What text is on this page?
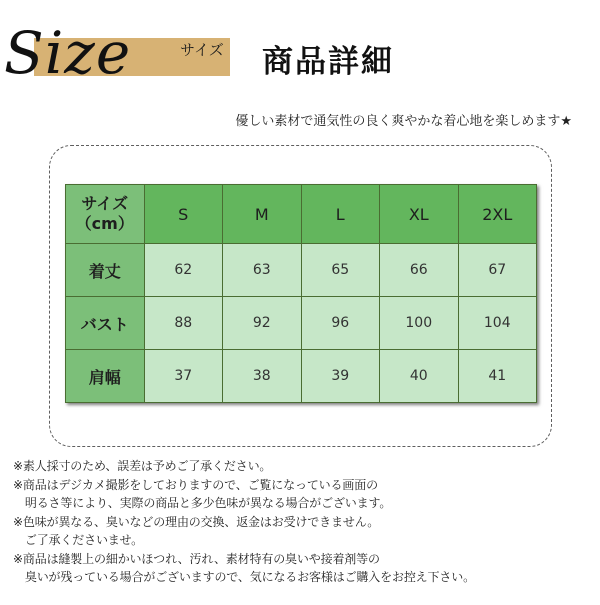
Size	サイズ 商品詳細
優しい素材で通気性の良く爽やかな着心地を楽しめます★
サイズ
（cm）	S	M	L	XL	2XL
着丈	62	63	65	66	67
バスト	88	92	96	100	104
肩幅	37	38	39	40	41
※素人採寸のため、誤差は予めご了承ください。
※商品はデジカメ撮影をしておりますので、ご覧になっている画面の
　明るさ等により、実際の商品と多少色味が異なる場合がございます。
※色味が異なる、臭いなどの理由の交換、返金はお受けできません。
　ご了承くださいませ。
※商品は縫製上の細かいほつれ、汚れ、素材特有の臭いや接着剤等の
　臭いが残っている場合がございますので、気になるお客様はご購入をお控え下さい。
